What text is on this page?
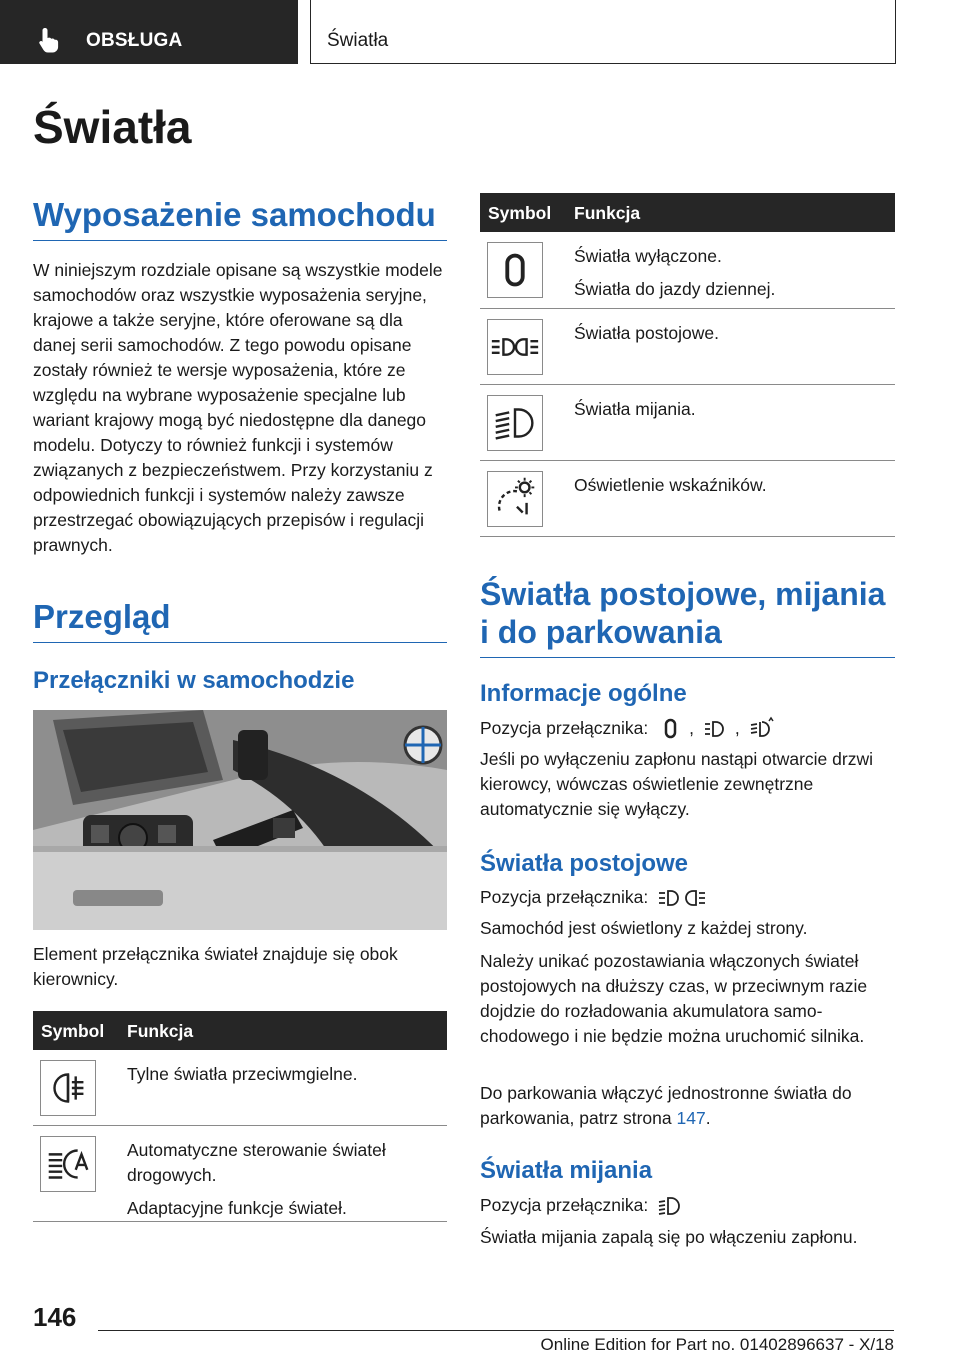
OBSŁUGA	Światła
Światła
Wyposażenie samochodu
W niniejszym rozdziale opisane są wszystkie modele samochodów oraz wszystkie wyposażenia seryjne, krajowe a także seryjne, które oferowane są dla danej serii samochodów. Z tego powodu opisane zostały również te wersje wyposażenia, które ze względu na wybrane wyposażenie specjalne lub wariant krajowy mogą być niedostępne dla danego modelu. Dotyczy to również funkcji i systemów związanych z bezpieczeństwem. Przy korzystaniu z odpowiednich funkcji i systemów należy zawsze przestrzegać obowiązujących przepisów i regulacji prawnych.
Przegląd
Przełączniki w samochodzie
Element przełącznika świateł znajduje się obok kierownicy.
Symbol Funkcja

Tylne światła przeciwmgielne.

Automatyczne sterowanie świateł drogowych.

Adaptacyjne funkcje świateł.

Symbol Funkcja

Światła wyłączone.

Światła do jazdy dziennej.

Światła postojowe.

Światła mijania.

Oświetlenie wskaźników.

Światła postojowe, mijania i do parkowania
Informacje ogólne
Pozycja przełącznika: , ,
Jeśli po wyłączeniu zapłonu nastąpi otwarcie drzwi kierowcy, wówczas oświetlenie zewnętrzne automatycznie się wyłączy.
Światła postojowe
Pozycja przełącznika:
Samochód jest oświetlony z każdej strony.
Należy unikać pozostawiania włączonych świateł postojowych na dłuższy czas, w przeciwnym razie dojdzie do rozładowania akumulatora samochodowego i nie będzie można uruchomić silnika.
Do parkowania włączyć jednostronne światła do parkowania, patrz strona 147.
Światła mijania
Pozycja przełącznika:
Światła mijania zapalą się po włączeniu zapłonu.
146
Online Edition for Part no. 01402896637 - X/18
